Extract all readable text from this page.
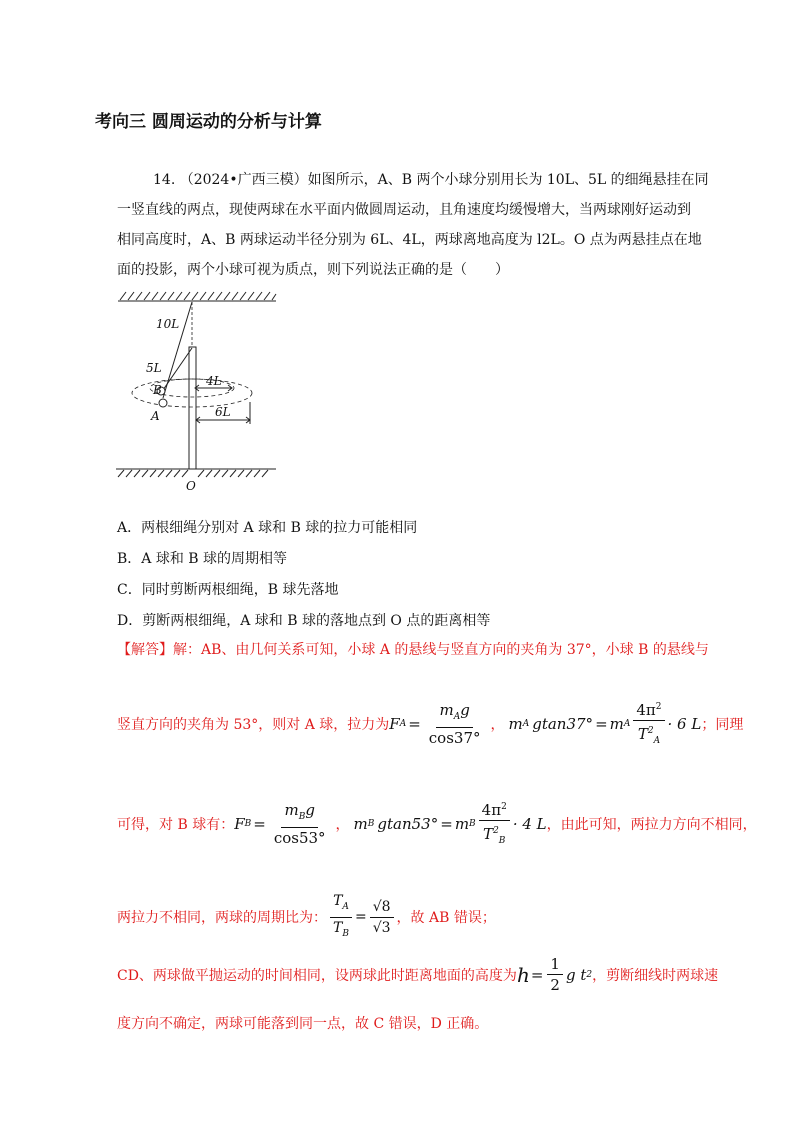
考向三 圆周运动的分析与计算
14. （2024•广西三模）如图所示，A、B 两个小球分别用长为 10L、5L 的细绳悬挂在同
一竖直线的两点，现使两球在水平面内做圆周运动，且角速度均缓慢增大，当两球刚好运动到
相同高度时，A、B 两球运动半径分别为 6L、4L，两球离地高度为 l2L。O 点为两悬挂点在地
面的投影，两个小球可视为质点，则下列说法正确的是（　　）
10L
5L
4L
6L
B
A
O
A．两根细绳分别对 A 球和 B 球的拉力可能相同
B．A 球和 B 球的周期相等
C．同时剪断两根细绳，B 球先落地
D．剪断两根细绳，A 球和 B 球的落地点到 O 点的距离相等
【解答】解：AB、由几何关系可知，小球 A 的悬线与竖直方向的夹角为 37°，小球 B 的悬线与
竖直方向的夹角为 53°，则对 A 球，拉力为 F $A = \frac{m_Ag}{\cos 37^\circ}$ ， m A gtan37° = m A $\frac{4\pi^2}{T^2_A} \cdot 6$ L ；同理
可得，对 B 球有： F $B = \frac{m_Bg}{\cos 53^\circ}$ ， m B gtan53° = m B $\frac{4\pi^2}{T^2_B} \cdot 4$ L ，由此可知，两拉力方向不相同，
两拉力不相同，两球的周期比为： $\frac{T_A}{T_B} = \frac{√8}{√3}$ ，故 AB 错误；
CD、两球做平抛运动的时间相同，设两球此时距离地面的高度为 $h = \frac{1}{2}$ g t 2 ，剪断细线时两球速
度方向不确定，两球可能落到同一点，故 C 错误，D 正确。
